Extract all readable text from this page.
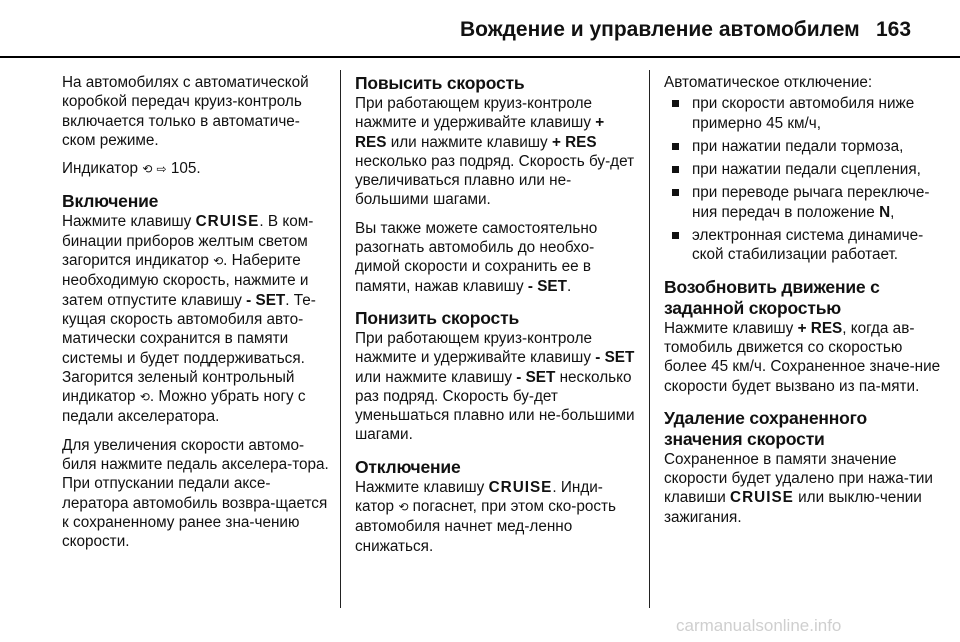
Вождение и управление автомобилем 163

На автомобилях с автоматической коробкой передач круиз-контроль включается только в автоматиче-ском режиме.

Индикатор ⟲ ⇨ 105.

Включение

Нажмите клавишу CRUISE. В ком-бинации приборов желтым светом загорится индикатор ⟲. Наберите необходимую скорость, нажмите и затем отпустите клавишу - SET. Те-кущая скорость автомобиля авто-матически сохранится в памяти системы и будет поддерживаться. Загорится зеленый контрольный индикатор ⟲. Можно убрать ногу с педали акселератора.

Для увеличения скорости автомо-биля нажмите педаль акселера-тора. При отпускании педали аксе-лератора автомобиль возвра-щается к сохраненному ранее зна-чению скорости.

Повысить скорость

При работающем круиз-контроле нажмите и удерживайте клавишу + RES или нажмите клавишу + RES несколько раз подряд. Скорость бу-дет увеличиваться плавно или не-большими шагами.

Вы также можете самостоятельно разогнать автомобиль до необхо-димой скорости и сохранить ее в памяти, нажав клавишу - SET.

Понизить скорость

При работающем круиз-контроле нажмите и удерживайте клавишу - SET или нажмите клавишу - SET несколько раз подряд. Скорость бу-дет уменьшаться плавно или не-большими шагами.

Отключение

Нажмите клавишу CRUISE. Инди-катор ⟲ погаснет, при этом ско-рость автомобиля начнет мед-ленно снижаться.

Автоматическое отключение:

при скорости автомобиля ниже примерно 45 км/ч,
при нажатии педали тормоза,
при нажатии педали сцепления,
при переводе рычага переключе-ния передач в положение N,
электронная система динамиче-ской стабилизации работает.
Возобновить движение с заданной скоростью

Нажмите клавишу + RES, когда ав-томобиль движется со скоростью более 45 км/ч. Сохраненное значе-ние скорости будет вызвано из па-мяти.

Удаление сохраненного значения скорости

Сохраненное в памяти значение скорости будет удалено при нажа-тии клавиши CRUISE или выклю-чении зажигания.

carmanualsonline.info
